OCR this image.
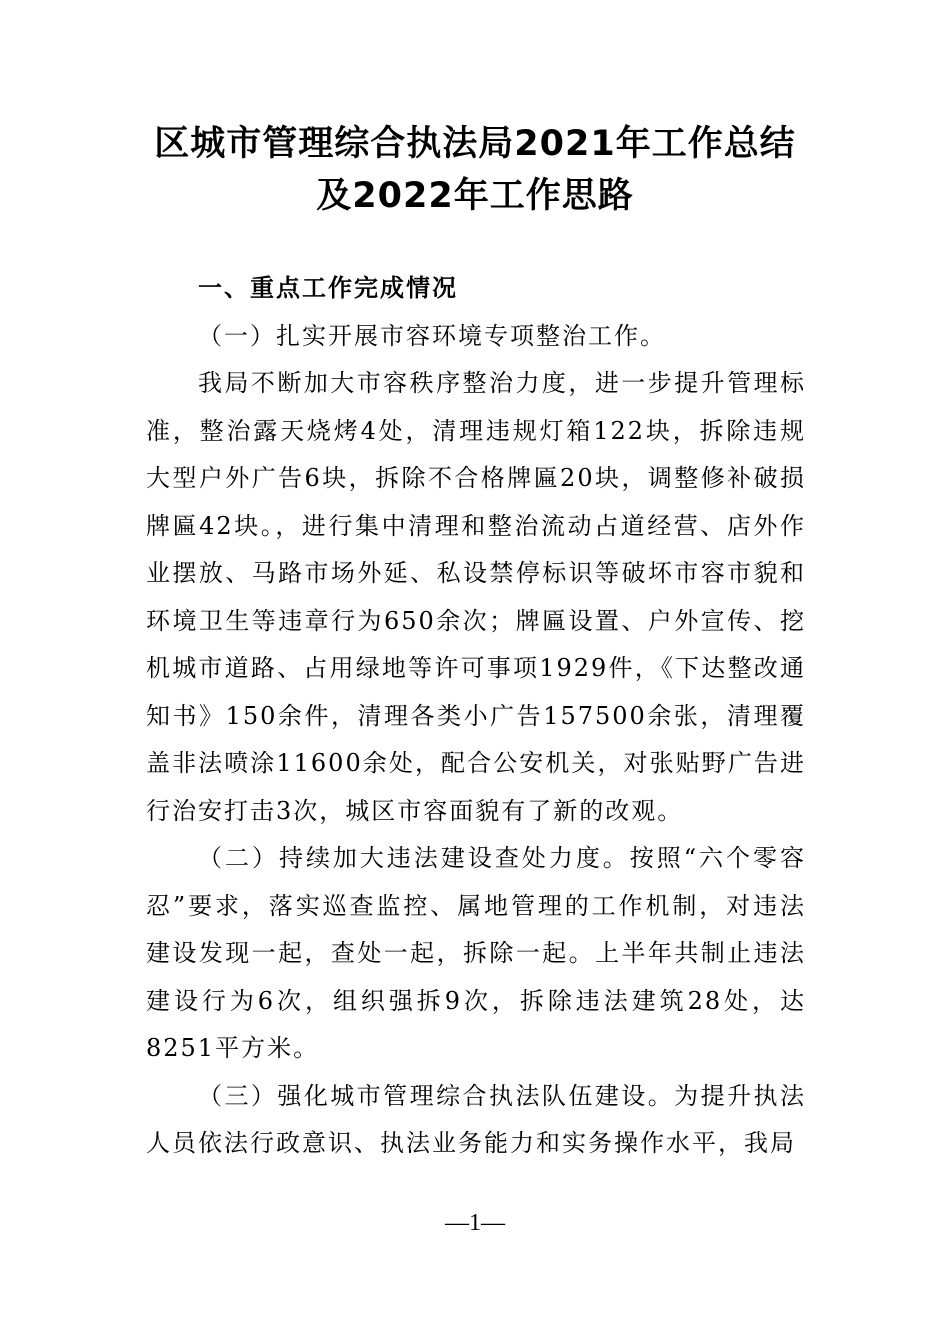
区城市管理综合执法局2021年工作总结
及2022年工作思路

一、重点工作完成情况

（一）扎实开展市容环境专项整治工作。

我局不断加大市容秩序整治力度，进一步提升管理标准，整治露天烧烤4处，清理违规灯箱122块，拆除违规大型户外广告6块，拆除不合格牌匾20块，调整修补破损牌匾42块。，进行集中清理和整治流动占道经营、店外作业摆放、马路市场外延、私设禁停标识等破坏市容市貌和环境卫生等违章行为650余次；牌匾设置、户外宣传、挖机城市道路、占用绿地等许可事项1929件，《下达整改通知书》150余件，清理各类小广告157500余张，清理覆盖非法喷涂11600余处，配合公安机关，对张贴野广告进行治安打击3次，城区市容面貌有了新的改观。

（二）持续加大违法建设查处力度。按照“六个零容忍”要求，落实巡查监控、属地管理的工作机制，对违法建设发现一起，查处一起，拆除一起。上半年共制止违法建设行为6次，组织强拆9次，拆除违法建筑28处，达8251平方米。

（三）强化城市管理综合执法队伍建设。为提升执法人员依法行政意识、执法业务能力和实务操作水平，我局

—1—
